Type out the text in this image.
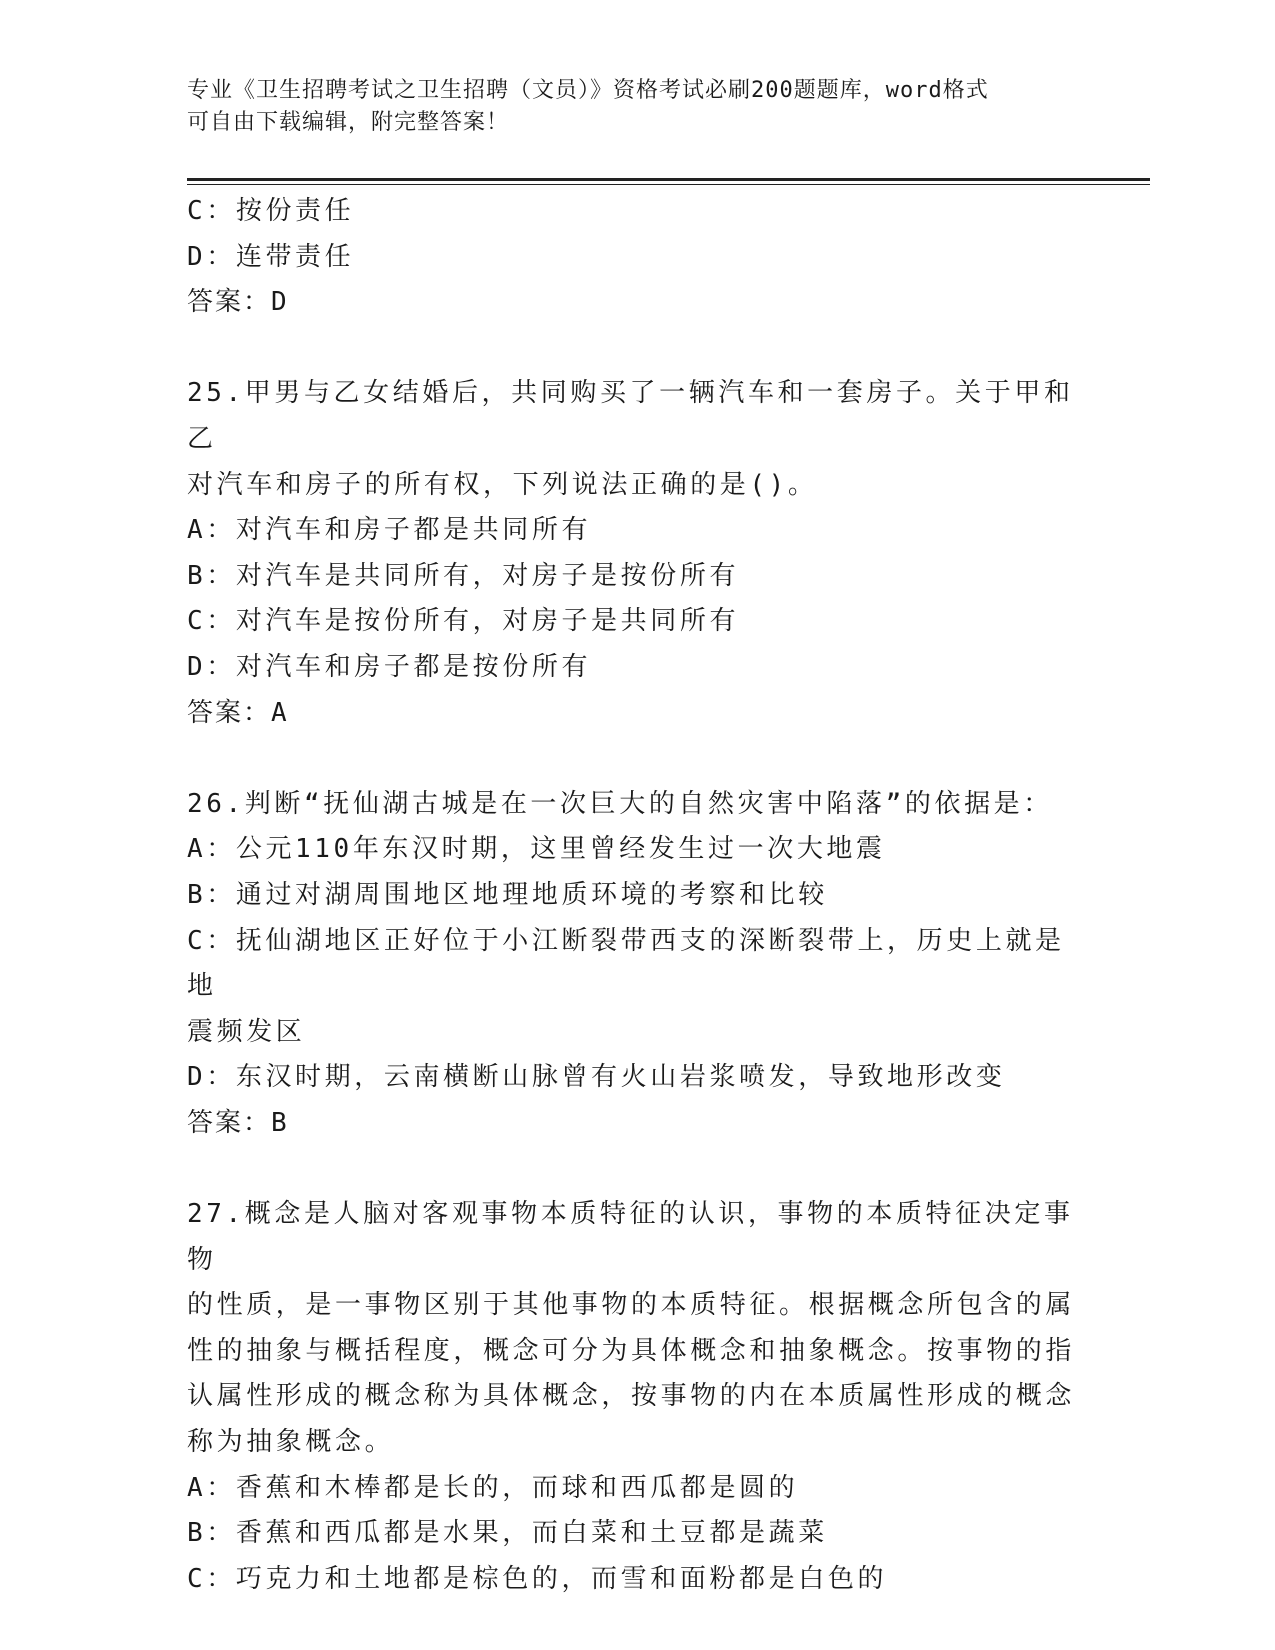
专业《卫生招聘考试之卫生招聘（文员）》资格考试必刷200题题库，word格式
可自由下载编辑，附完整答案！

C：按份责任

D：连带责任

答案：D

25.甲男与乙女结婚后，共同购买了一辆汽车和一套房子。关于甲和乙

对汽车和房子的所有权，下列说法正确的是()。

A：对汽车和房子都是共同所有

B：对汽车是共同所有，对房子是按份所有

C：对汽车是按份所有，对房子是共同所有

D：对汽车和房子都是按份所有

答案：A

26.判断“抚仙湖古城是在一次巨大的自然灾害中陷落”的依据是：

A：公元110年东汉时期，这里曾经发生过一次大地震

B：通过对湖周围地区地理地质环境的考察和比较

C：抚仙湖地区正好位于小江断裂带西支的深断裂带上，历史上就是地

震频发区

D：东汉时期，云南横断山脉曾有火山岩浆喷发，导致地形改变

答案：B

27.概念是人脑对客观事物本质特征的认识，事物的本质特征决定事物

的性质，是一事物区别于其他事物的本质特征。根据概念所包含的属

性的抽象与概括程度，概念可分为具体概念和抽象概念。按事物的指

认属性形成的概念称为具体概念，按事物的内在本质属性形成的概念

称为抽象概念。

A：香蕉和木棒都是长的，而球和西瓜都是圆的

B：香蕉和西瓜都是水果，而白菜和土豆都是蔬菜

C：巧克力和土地都是棕色的，而雪和面粉都是白色的
